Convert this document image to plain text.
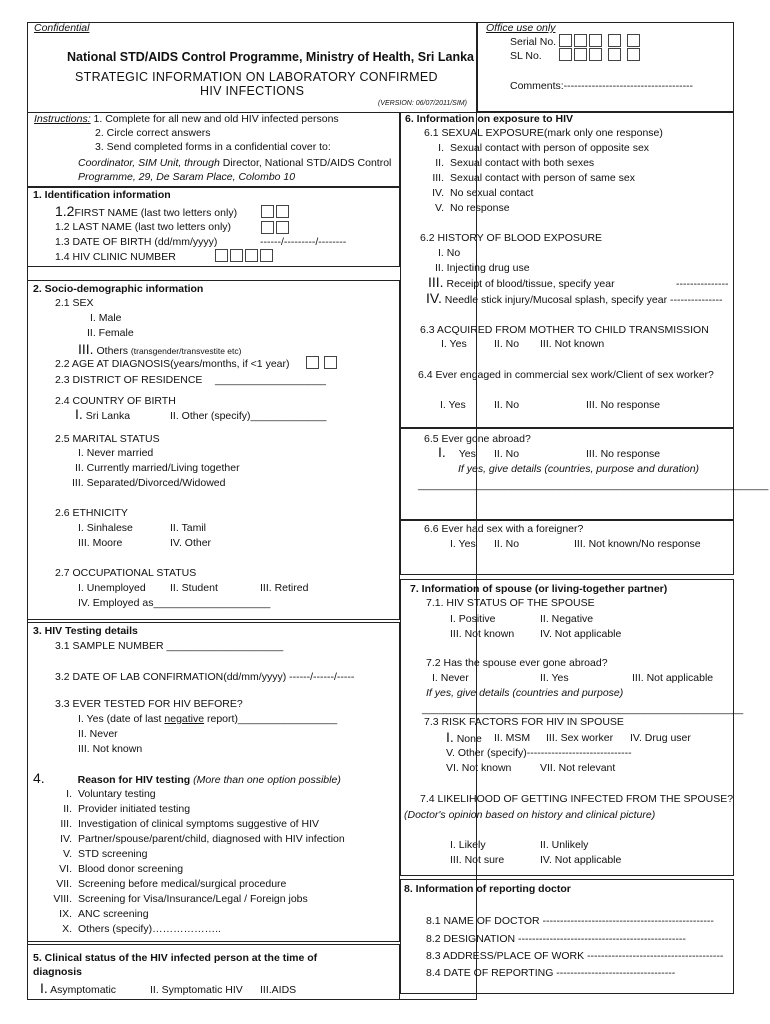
Confidential
National STD/AIDS Control Programme, Ministry of Health, Sri Lanka
STRATEGIC INFORMATION ON LABORATORY CONFIRMED
HIV INFECTIONS
(VERSION: 06/07/2011/SIM)
Office use only
Serial No.
SL No.
Comments:-------------------------------------
Instructions: 1. Complete for all new and old HIV infected persons
2. Circle correct answers
3. Send completed forms in a confidential cover to:
Coordinator, SIM Unit, through Director, National STD/AIDS Control
Programme, 29, De Saram Place, Colombo 10
1. Identification information
1.2FIRST NAME (last two letters only)
1.2 LAST NAME (last two letters only)
1.3 DATE OF BIRTH (dd/mm/yyyy)	------/---------/--------
1.4 HIV CLINIC NUMBER
2. Socio-demographic information
2.1 SEX
I. Male
II. Female
III. Others (transgender/transvestite etc)
2.2 AGE AT DIAGNOSIS(years/months, if <1 year)
2.3 DISTRICT OF RESIDENCE ___________________
2.4 COUNTRY OF BIRTH
I. Sri Lanka	II. Other (specify)_____________
2.5 MARITAL STATUS
I. Never married
II. Currently married/Living together
III. Separated/Divorced/Widowed
2.6 ETHNICITY
I. Sinhalese	II. Tamil
III. Moore	IV. Other
2.7 OCCUPATIONAL STATUS
I. Unemployed II. Student	III. Retired
IV. Employed as____________________
3. HIV Testing details
3.1 SAMPLE NUMBER ____________________
3.2 DATE OF LAB CONFIRMATION(dd/mm/yyyy) ------/------/-----
3.3 EVER TESTED FOR HIV BEFORE?
I. Yes (date of last negative report)_________________
II. Never
III. Not known
4.	Reason for HIV testing (More than one option possible)
I. Voluntary testing
II. Provider initiated testing
III. Investigation of clinical symptoms suggestive of HIV
IV. Partner/spouse/parent/child, diagnosed with HIV infection
V. STD screening
VI. Blood donor screening
VII. Screening before medical/surgical procedure
VIII. Screening for Visa/Insurance/Legal / Foreign jobs
IX. ANC screening
X. Others (specify)………………..
5. Clinical status of the HIV infected person at the time of
diagnosis
I. Asymptomatic	II. Symptomatic HIV III.AIDS
6. Information on exposure to HIV
6.1 SEXUAL EXPOSURE(mark only one response)
I. Sexual contact with person of opposite sex
II. Sexual contact with both sexes
III. Sexual contact with person of same sex
IV. No sexual contact
V. No response
6.2 HISTORY OF BLOOD EXPOSURE
I. No
II. Injecting drug use
III. Receipt of blood/tissue, specify year	---------------
IV. Needle stick injury/Mucosal splash, specify year ---------------
6.3 ACQUIRED FROM MOTHER TO CHILD TRANSMISSION
I. Yes	II. No III. Not known
6.4 Ever engaged in commercial sex work/Client of sex worker?
I. Yes	II. No	III. No response
6.5 Ever gone abroad?
I. Yes II. No	III. No response
If yes, give details (countries, purpose and duration)
____________________________________________________________
6.6 Ever had sex with a foreigner?
I. Yes II. No	III. Not known/No response
7. Information of spouse (or living-together partner)
7.1. HIV STATUS OF THE SPOUSE
I. Positive	II. Negative
III. Not known IV. Not applicable
7.2 Has the spouse ever gone abroad?
I. Never	II. Yes	III. Not applicable
If yes, give details (countries and purpose)
_______________________________________________________
7.3 RISK FACTORS FOR HIV IN SPOUSE
I. None II. MSM III. Sex worker IV. Drug user
V. Other (specify)------------------------------
VI. Not known	VII. Not relevant
7.4 LIKELIHOOD OF GETTING INFECTED FROM THE SPOUSE?
(Doctor's opinion based on history and clinical picture)
I. Likely	II. Unlikely
III. Not sure	IV. Not applicable
8. Information of reporting doctor
8.1 NAME OF DOCTOR -------------------------------------------------
8.2 DESIGNATION ------------------------------------------------
8.3 ADDRESS/PLACE OF WORK ---------------------------------------
8.4 DATE OF REPORTING ----------------------------------
